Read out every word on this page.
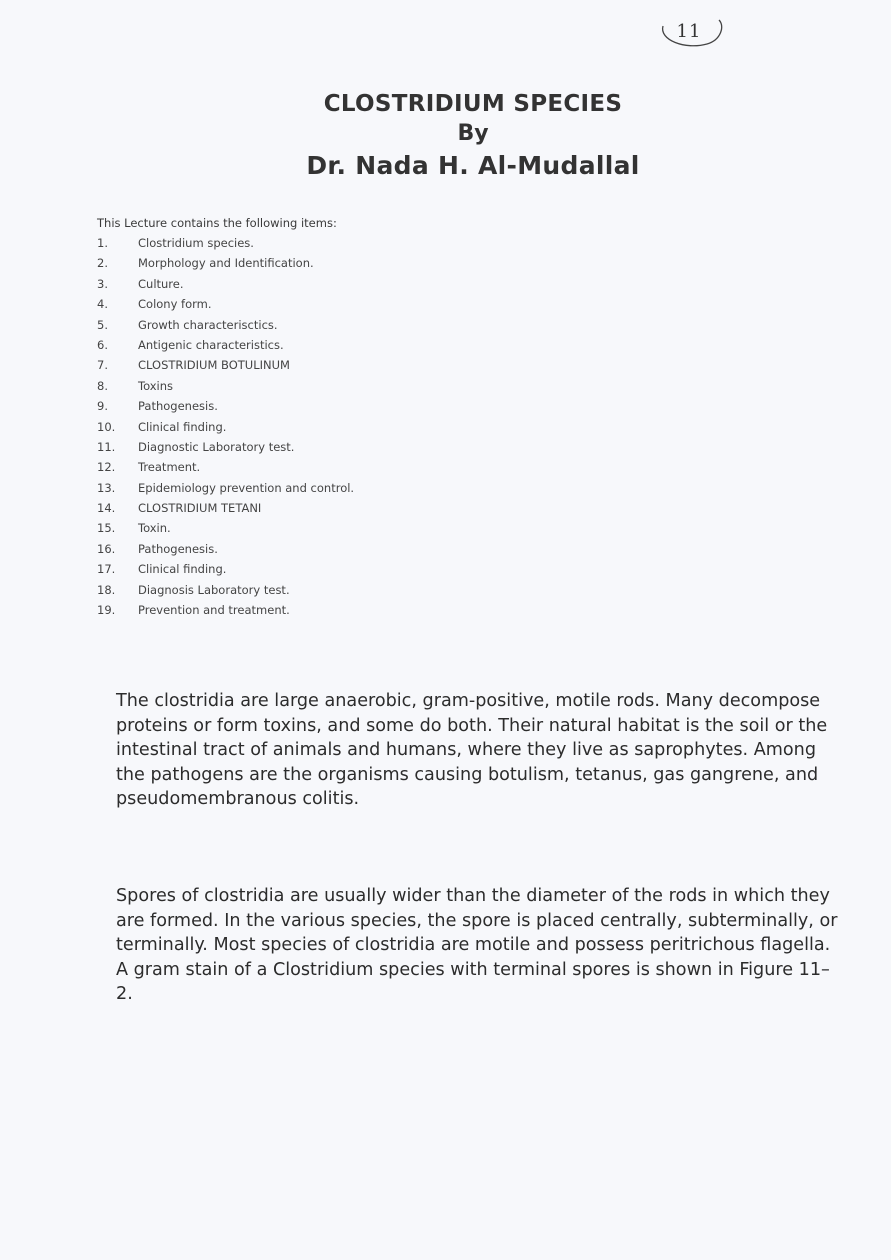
11
CLOSTRIDIUM SPECIES
By
Dr. Nada H. Al-Mudallal
This Lecture contains the following items:
1.	Clostridium species.
2.	Morphology and Identification.
3.	Culture.
4.	Colony form.
5.	Growth characterisctics.
6.	Antigenic characteristics.
7.	CLOSTRIDIUM BOTULINUM
8.	Toxins
9.	Pathogenesis.
10.	Clinical finding.
11.	Diagnostic Laboratory test.
12.	Treatment.
13.	Epidemiology prevention and control.
14.	CLOSTRIDIUM TETANI
15.	Toxin.
16.	Pathogenesis.
17.	Clinical finding.
18.	Diagnosis Laboratory test.
19.	Prevention and treatment.

The clostridia are large anaerobic, gram-positive, motile rods. Many decompose proteins or form toxins, and some do both. Their natural habitat is the soil or the intestinal tract of animals and humans, where they live as saprophytes. Among the pathogens are the organisms causing botulism, tetanus, gas gangrene, and pseudomembranous colitis.

Spores of clostridia are usually wider than the diameter of the rods in which they are formed. In the various species, the spore is placed centrally, subterminally, or terminally. Most species of clostridia are motile and possess peritrichous flagella. A gram stain of a Clostridium species with terminal spores is shown in Figure 11–2.
